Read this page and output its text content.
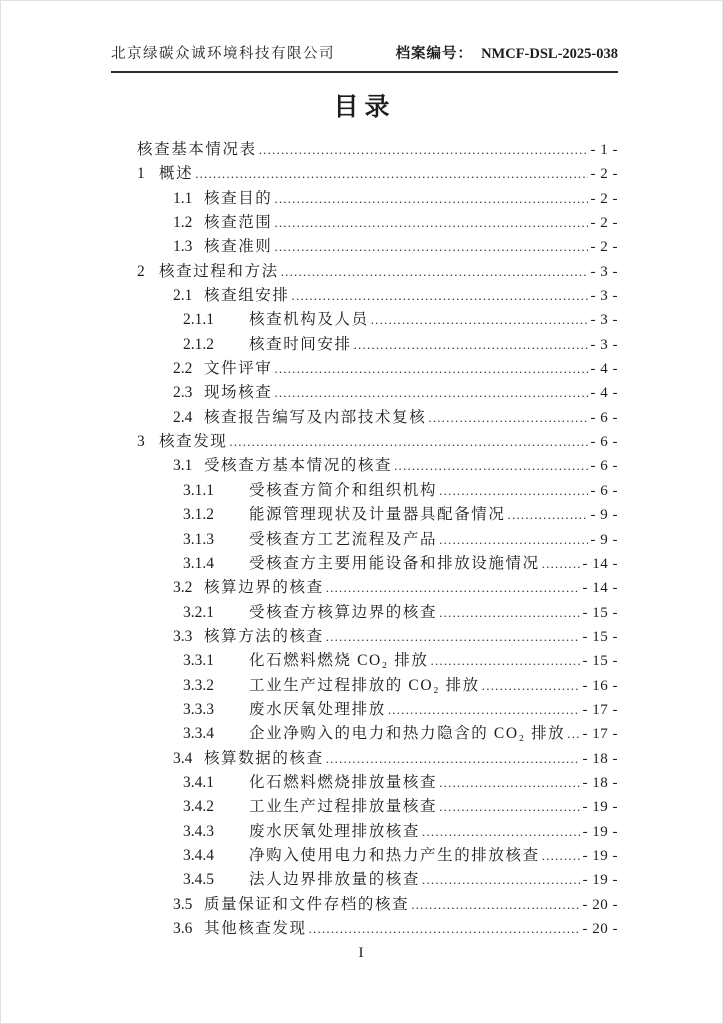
北京绿碳众诚环境科技有限公司	档案编号： NMCF-DSL-2025-038
目录
核查基本情况表 .....	- 1 -
1 概述 .....	- 2 -
1.1 核查目的 .....	- 2 -
1.2 核查范围 .....	- 2 -
1.3 核查准则 .....	- 2 -
2 核查过程和方法 .....	- 3 -
2.1 核查组安排 .....	- 3 -
2.1.1	核查机构及人员 .....	- 3 -
2.1.2	核查时间安排 .....	- 3 -
2.2 文件评审 .....	- 4 -
2.3 现场核查 .....	- 4 -
2.4 核查报告编写及内部技术复核 .....	- 6 -
3 核查发现 .....	- 6 -
3.1 受核查方基本情况的核查 .....	- 6 -
3.1.1	受核查方简介和组织机构 .....	- 6 -
3.1.2	能源管理现状及计量器具配备情况 .....	- 9 -
3.1.3	受核查方工艺流程及产品 .....	- 9 -
3.1.4	受核查方主要用能设备和排放设施情况 .....	- 14 -
3.2 核算边界的核查 .....	- 14 -
3.2.1	受核查方核算边界的核查 .....	- 15 -
3.3 核算方法的核查 .....	- 15 -
3.3.1	化石燃料燃烧 CO₂ 排放 .....	- 15 -
3.3.2	工业生产过程排放的 CO₂ 排放 .....	- 16 -
3.3.3	废水厌氧处理排放 .....	- 17 -
3.3.4	企业净购入的电力和热力隐含的 CO₂ 排放 ..... - 17 -
3.4 核算数据的核查 .....	- 18 -
3.4.1	化石燃料燃烧排放量核查 .....	- 18 -
3.4.2	工业生产过程排放量核查 .....	- 19 -
3.4.3	废水厌氧处理排放核查 .....	- 19 -
3.4.4	净购入使用电力和热力产生的排放核查 .....	- 19 -
3.4.5	法人边界排放量的核查 .....	- 19 -
3.5 质量保证和文件存档的核查 .....	- 20 -
3.6 其他核查发现 .....	- 20 -
I
